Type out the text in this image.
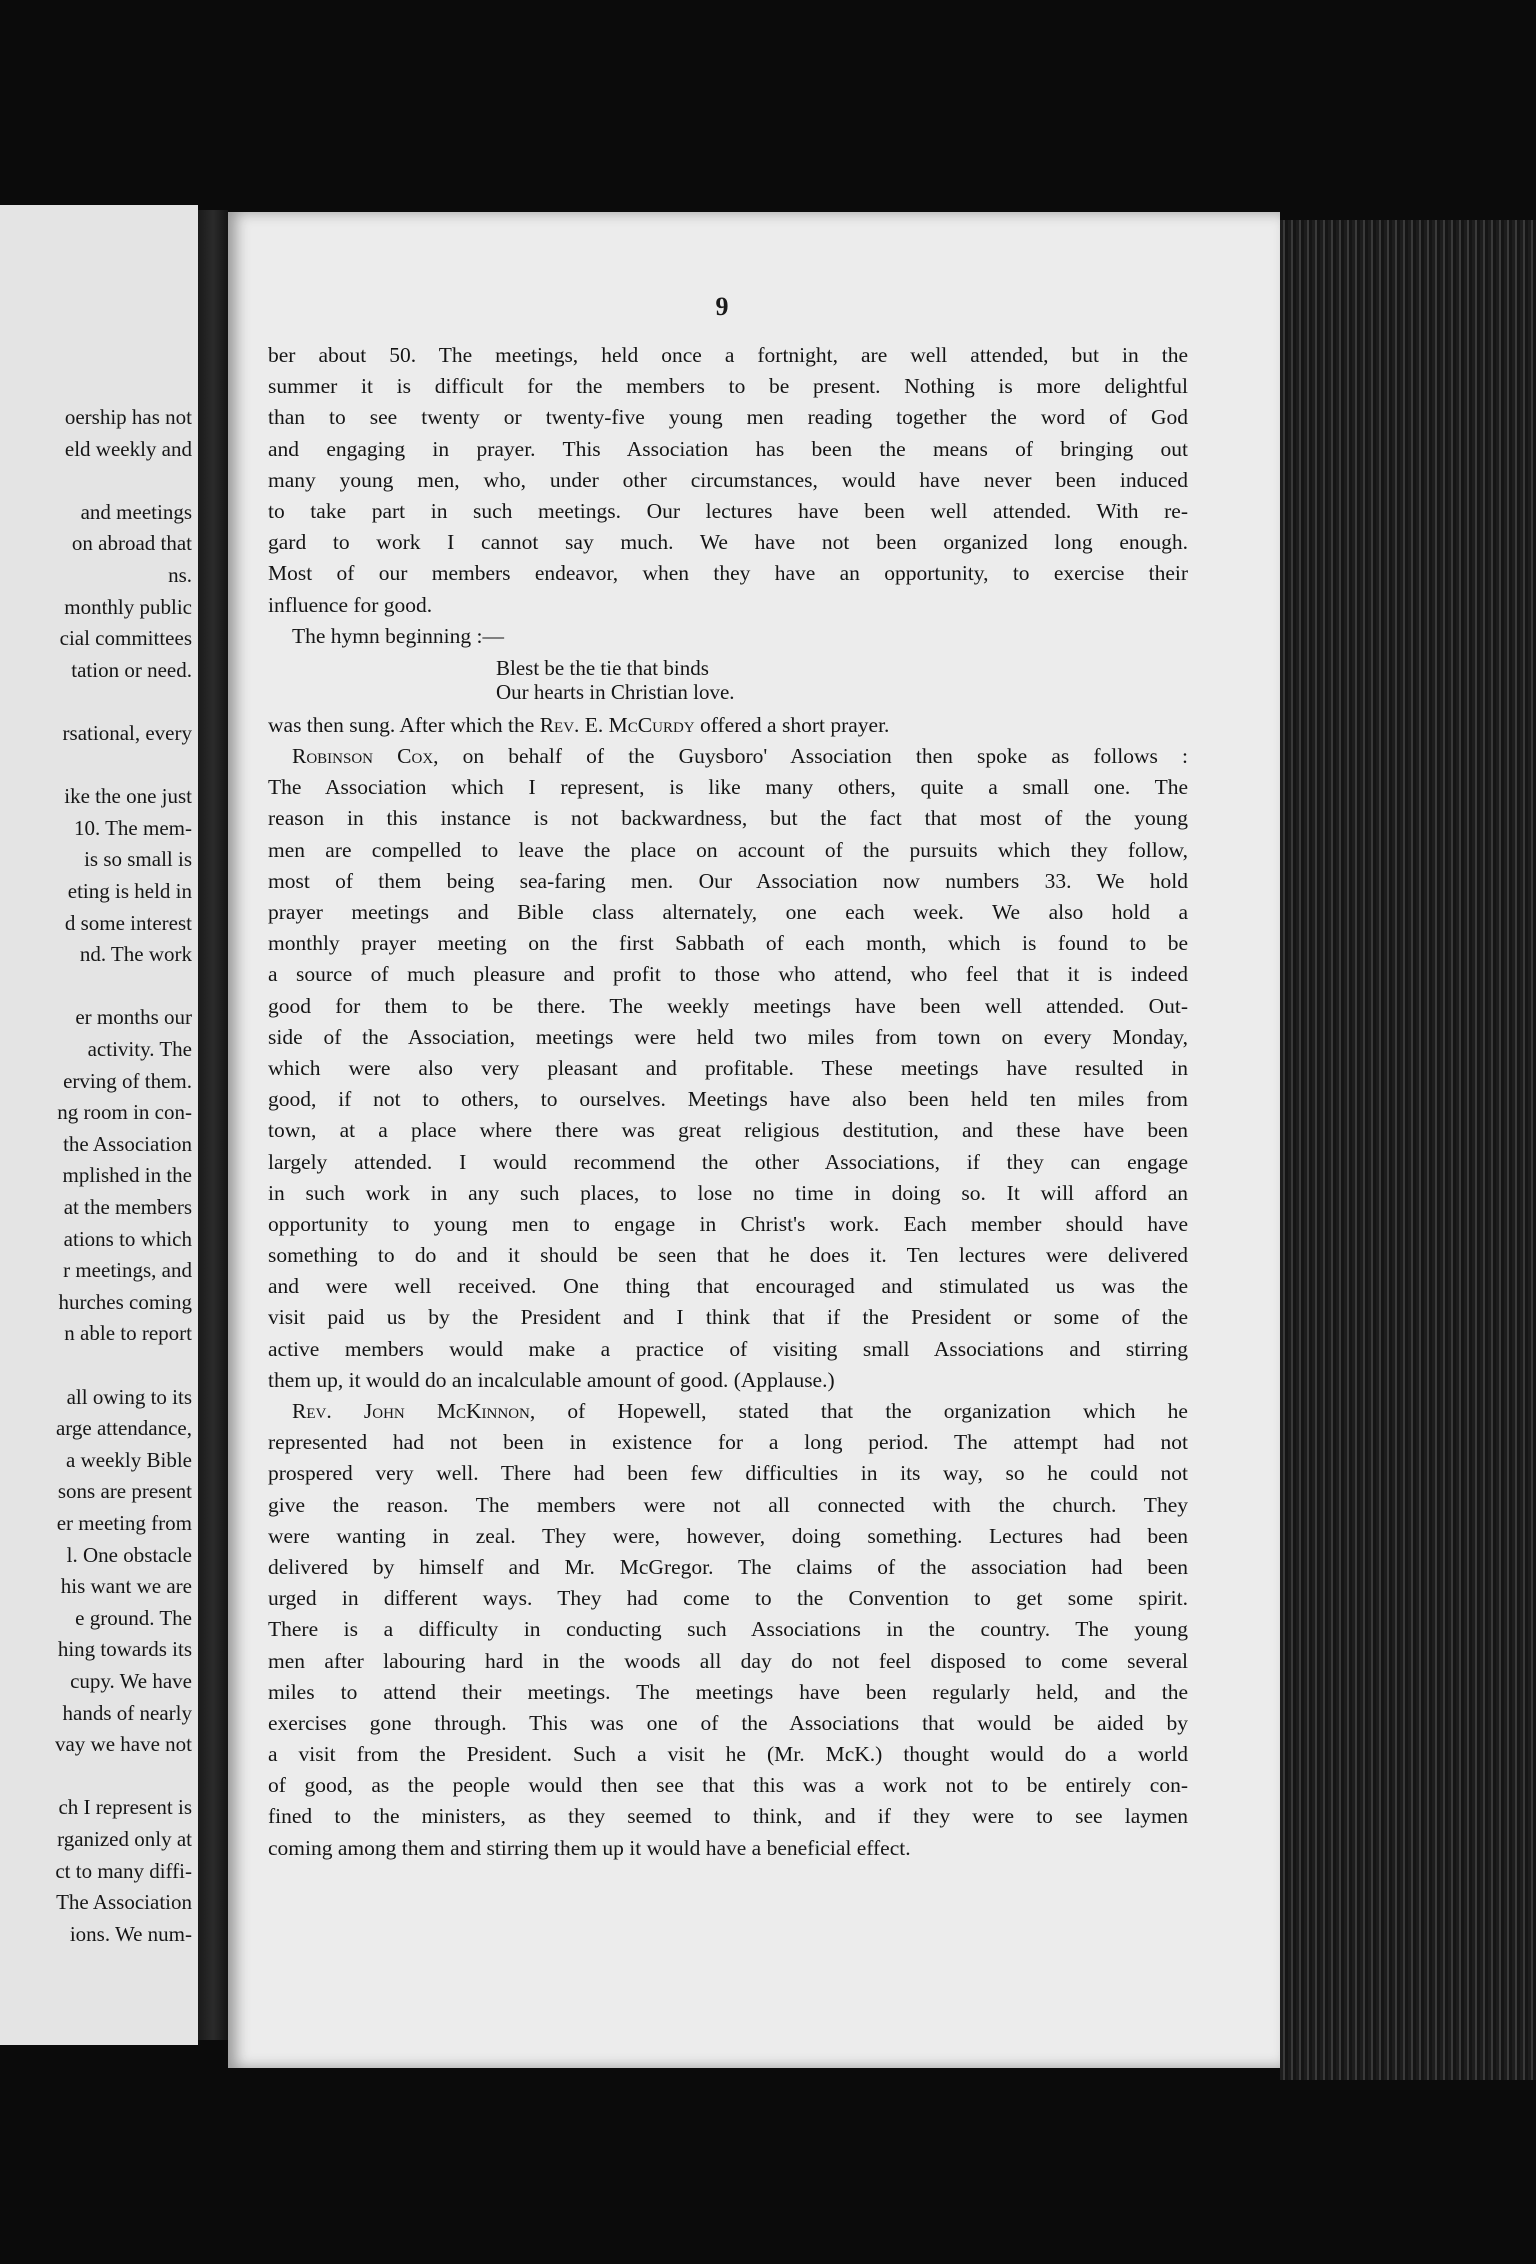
oership has not
eld weekly and
and meetings
on abroad that
ns.
monthly public
cial committees
tation or need.
rsational, every
ike the one just
10. The mem-
is so small is
eting is held in
d some interest
nd. The work
er months our
activity. The
erving of them.
ng room in con-
the Association
mplished in the
at the members
ations to which
r meetings, and
hurches coming
n able to report
all owing to its
arge attendance,
a weekly Bible
sons are present
er meeting from
l. One obstacle
his want we are
e ground. The
hing towards its
cupy. We have
hands of nearly
vay we have not
ch I represent is
rganized only at
ct to many diffi-
The Association
ions. We num-
9
ber about 50. The meetings, held once a fortnight, are well attended, but in the
summer it is difficult for the members to be present. Nothing is more delightful
than to see twenty or twenty-five young men reading together the word of God
and engaging in prayer. This Association has been the means of bringing out
many young men, who, under other circumstances, would have never been induced
to take part in such meetings. Our lectures have been well attended. With re-
gard to work I cannot say much. We have not been organized long enough.
Most of our members endeavor, when they have an opportunity, to exercise their
influence for good.
The hymn beginning :—
Blest be the tie that binds
Our hearts in Christian love.
was then sung. After which the Rev. E. McCurdy offered a short prayer.
Robinson Cox, on behalf of the Guysboro' Association then spoke as follows :
The Association which I represent, is like many others, quite a small one. The
reason in this instance is not backwardness, but the fact that most of the young
men are compelled to leave the place on account of the pursuits which they follow,
most of them being sea-faring men. Our Association now numbers 33. We hold
prayer meetings and Bible class alternately, one each week. We also hold a
monthly prayer meeting on the first Sabbath of each month, which is found to be
a source of much pleasure and profit to those who attend, who feel that it is indeed
good for them to be there. The weekly meetings have been well attended. Out-
side of the Association, meetings were held two miles from town on every Monday,
which were also very pleasant and profitable. These meetings have resulted in
good, if not to others, to ourselves. Meetings have also been held ten miles from
town, at a place where there was great religious destitution, and these have been
largely attended. I would recommend the other Associations, if they can engage
in such work in any such places, to lose no time in doing so. It will afford an
opportunity to young men to engage in Christ's work. Each member should have
something to do and it should be seen that he does it. Ten lectures were delivered
and were well received. One thing that encouraged and stimulated us was the
visit paid us by the President and I think that if the President or some of the
active members would make a practice of visiting small Associations and stirring
them up, it would do an incalculable amount of good. (Applause.)
Rev. John McKinnon, of Hopewell, stated that the organization which he
represented had not been in existence for a long period. The attempt had not
prospered very well. There had been few difficulties in its way, so he could not
give the reason. The members were not all connected with the church. They
were wanting in zeal. They were, however, doing something. Lectures had been
delivered by himself and Mr. McGregor. The claims of the association had been
urged in different ways. They had come to the Convention to get some spirit.
There is a difficulty in conducting such Associations in the country. The young
men after labouring hard in the woods all day do not feel disposed to come several
miles to attend their meetings. The meetings have been regularly held, and the
exercises gone through. This was one of the Associations that would be aided by
a visit from the President. Such a visit he (Mr. McK.) thought would do a world
of good, as the people would then see that this was a work not to be entirely con-
fined to the ministers, as they seemed to think, and if they were to see laymen
coming among them and stirring them up it would have a beneficial effect.
